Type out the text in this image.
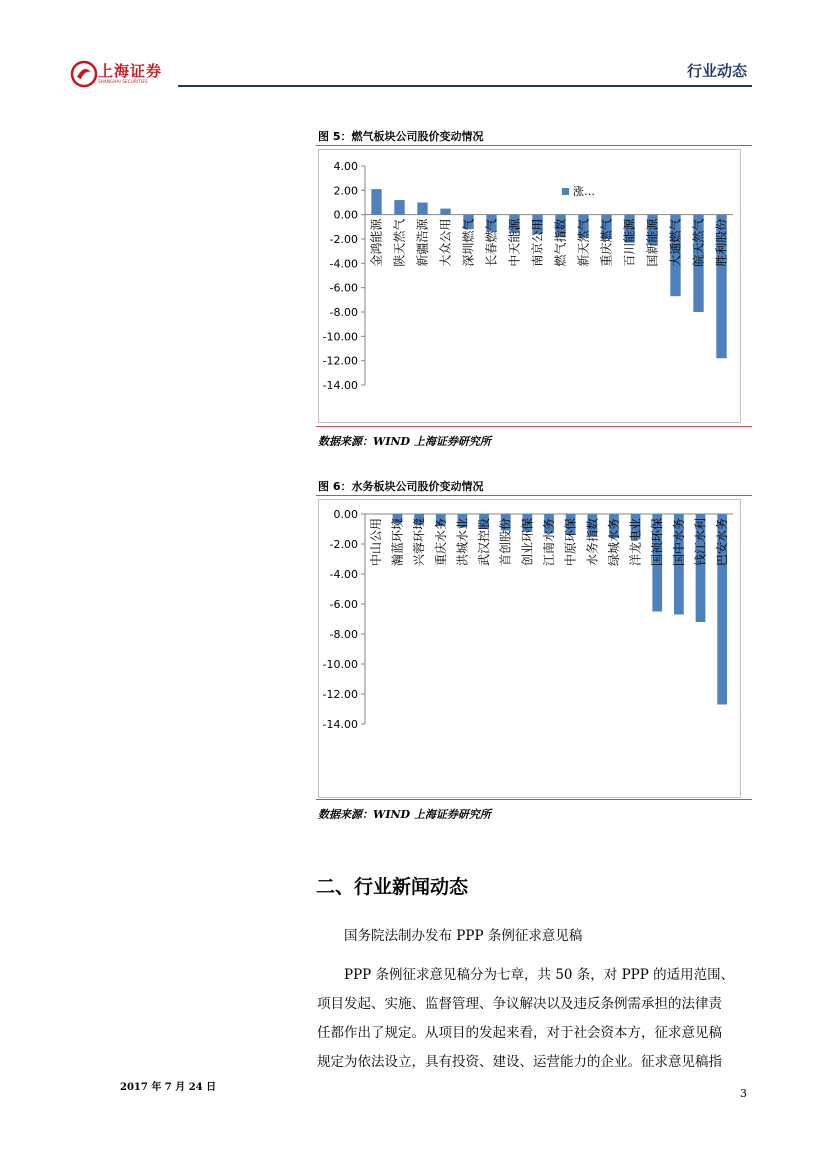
上海证券
SHANGHAI SECURITIES
行业动态
图 5：燃气板块公司股价变动情况
4.00
2.00
0.00
-2.00
-4.00
-6.00
-8.00
-10.00
-12.00
-14.00
金鸿能源 陕天然气 新疆浩源 大众公用 深圳燃气 长春燃气 中天能源 南京公用 燃气指数 新天然气 重庆燃气 百川能源 国新能源 大通燃气 皖天然气 胜利股份
涨…
数据来源：WIND 上海证券研究所
图 6：水务板块公司股价变动情况
0.00
-2.00
-4.00
-6.00
-8.00
-10.00
-12.00
-14.00
中山公用 瀚蓝环境 兴蓉环境 重庆水务 洪城水业 武汉控股 首创股份 创业环保 江南水务 中原环保 水务指数 绿城水务 洋龙电业 国祯环保 国中水务 钱江水利 巴安水务
数据来源：WIND 上海证券研究所
二、行业新闻动态
国务院法制办发布 PPP 条例征求意见稿
PPP 条例征求意见稿分为七章，共 50 条，对 PPP 的适用范围、
项目发起、实施、监督管理、争议解决以及违反条例需承担的法律责
任都作出了规定。从项目的发起来看，对于社会资本方，征求意见稿
规定为依法设立，具有投资、建设、运营能力的企业。征求意见稿指
2017 年 7 月 24 日	3
